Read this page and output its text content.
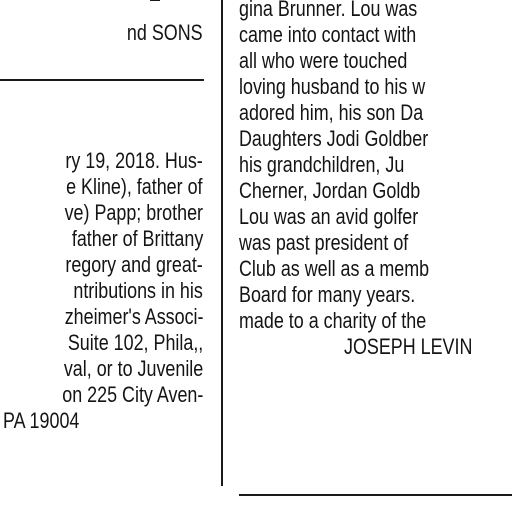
nd SONS
ry 19, 2018. Hus-
e Kline), father of
ve) Papp; brother
father of Brittany
regory and great-
ntributions in his
zheimer's Associ-
Suite 102, Phila,,
val, or to Juvenile
on 225 City Aven-
PA 19004
gina Brunner. Lou was
came into contact with
all who were touched
loving husband to his w
adored him, his son Da
Daughters Jodi Goldber
his grandchildren, Ju
Cherner, Jordan Goldb
Lou was an avid golfer
was past president of
Club as well as a memb
Board for many years.
made to a charity of the
JOSEPH LEVIN
